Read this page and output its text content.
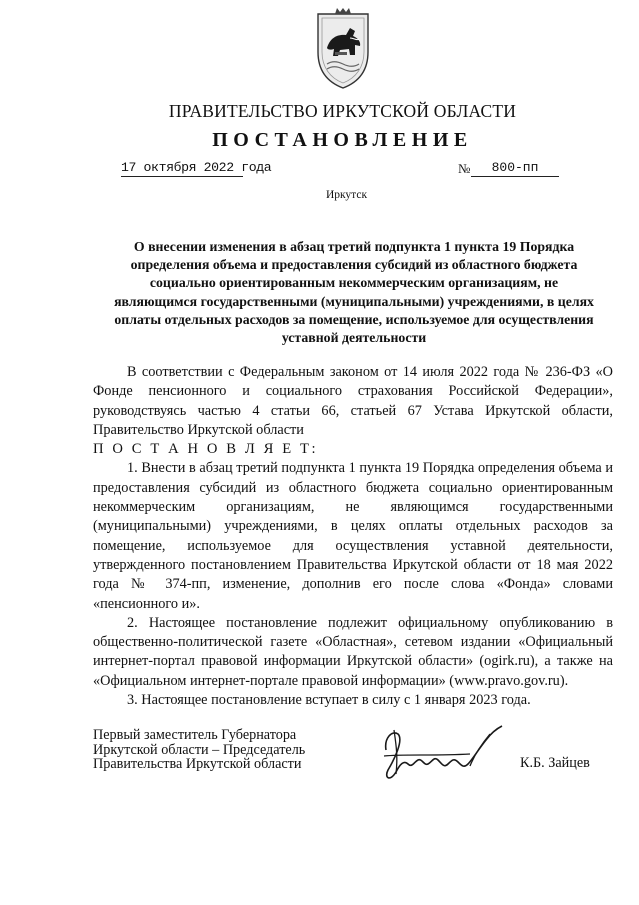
ПРАВИТЕЛЬСТВО ИРКУТСКОЙ ОБЛАСТИ
ПОСТАНОВЛЕНИЕ
17 октября 2022 года	№	800-пп
Иркутск
О внесении изменения в абзац третий подпункта 1 пункта 19 Порядка определения объема и предоставления субсидий из областного бюджета социально ориентированным некоммерческим организациям, не являющимся государственными (муниципальными) учреждениями, в целях оплаты отдельных расходов за помещение, используемое для осуществления уставной деятельности

В соответствии с Федеральным законом от 14 июля 2022 года № 236-ФЗ «О Фонде пенсионного и социального страхования Российской Федерации», руководствуясь частью 4 статьи 66, статьей 67 Устава Иркутской области, Правительство Иркутской области

П О С Т А Н О В Л Я Е Т:

1. Внести в абзац третий подпункта 1 пункта 19 Порядка определения объема и предоставления субсидий из областного бюджета социально ориентированным некоммерческим организациям, не являющимся государственными (муниципальными) учреждениями, в целях оплаты отдельных расходов за помещение, используемое для осуществления уставной деятельности, утвержденного постановлением Правительства Иркутской области от 18 мая 2022 года № 374-пп, изменение, дополнив его после слова «Фонда» словами «пенсионного и».

2. Настоящее постановление подлежит официальному опубликованию в общественно-политической газете «Областная», сетевом издании «Официальный интернет-портал правовой информации Иркутской области» (ogirk.ru), а также на «Официальном интернет-портале правовой информации» (www.pravo.gov.ru).

3. Настоящее постановление вступает в силу с 1 января 2023 года.

Первый заместитель Губернатора
Иркутской области – Председатель
Правительства Иркутской области	К.Б. Зайцев
